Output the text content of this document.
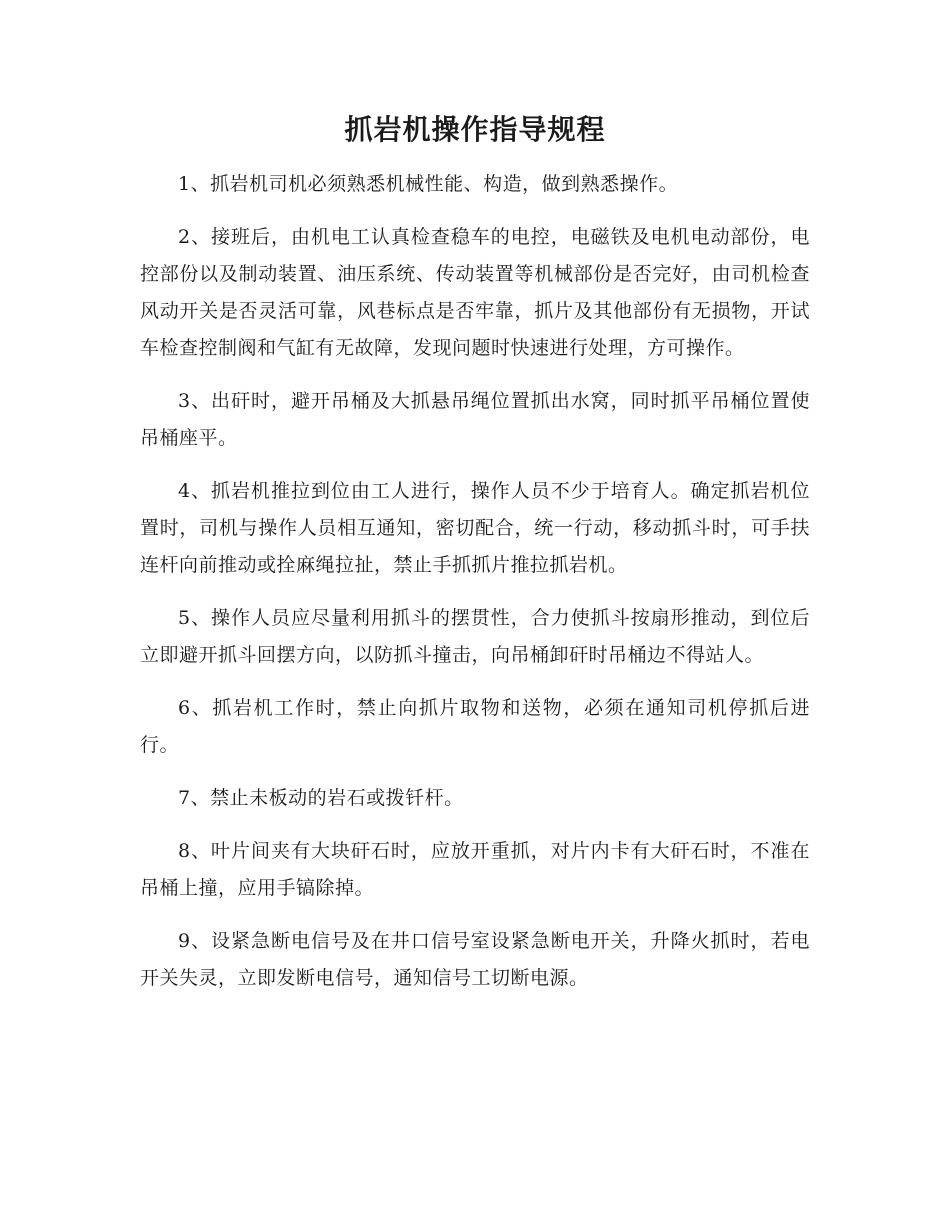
抓岩机操作指导规程

1、抓岩机司机必须熟悉机械性能、构造，做到熟悉操作。

2、接班后，由机电工认真检查稳车的电控，电磁铁及电机电动部份，电控部份以及制动装置、油压系统、传动装置等机械部份是否完好，由司机检查风动开关是否灵活可靠，风巷标点是否牢靠，抓片及其他部份有无损物，开试车检查控制阀和气缸有无故障，发现问题时快速进行处理，方可操作。

3、出矸时，避开吊桶及大抓悬吊绳位置抓出水窝，同时抓平吊桶位置使吊桶座平。

4、抓岩机推拉到位由工人进行，操作人员不少于培育人。确定抓岩机位置时，司机与操作人员相互通知，密切配合，统一行动，移动抓斗时，可手扶连杆向前推动或拴麻绳拉扯，禁止手抓抓片推拉抓岩机。

5、操作人员应尽量利用抓斗的摆贯性，合力使抓斗按扇形推动，到位后立即避开抓斗回摆方向，以防抓斗撞击，向吊桶卸矸时吊桶边不得站人。

6、抓岩机工作时，禁止向抓片取物和送物，必须在通知司机停抓后进行。

7、禁止未板动的岩石或拨钎杆。

8、叶片间夹有大块矸石时，应放开重抓，对片内卡有大矸石时，不准在吊桶上撞，应用手镐除掉。

9、设紧急断电信号及在井口信号室设紧急断电开关，升降火抓时，若电开关失灵，立即发断电信号，通知信号工切断电源。
